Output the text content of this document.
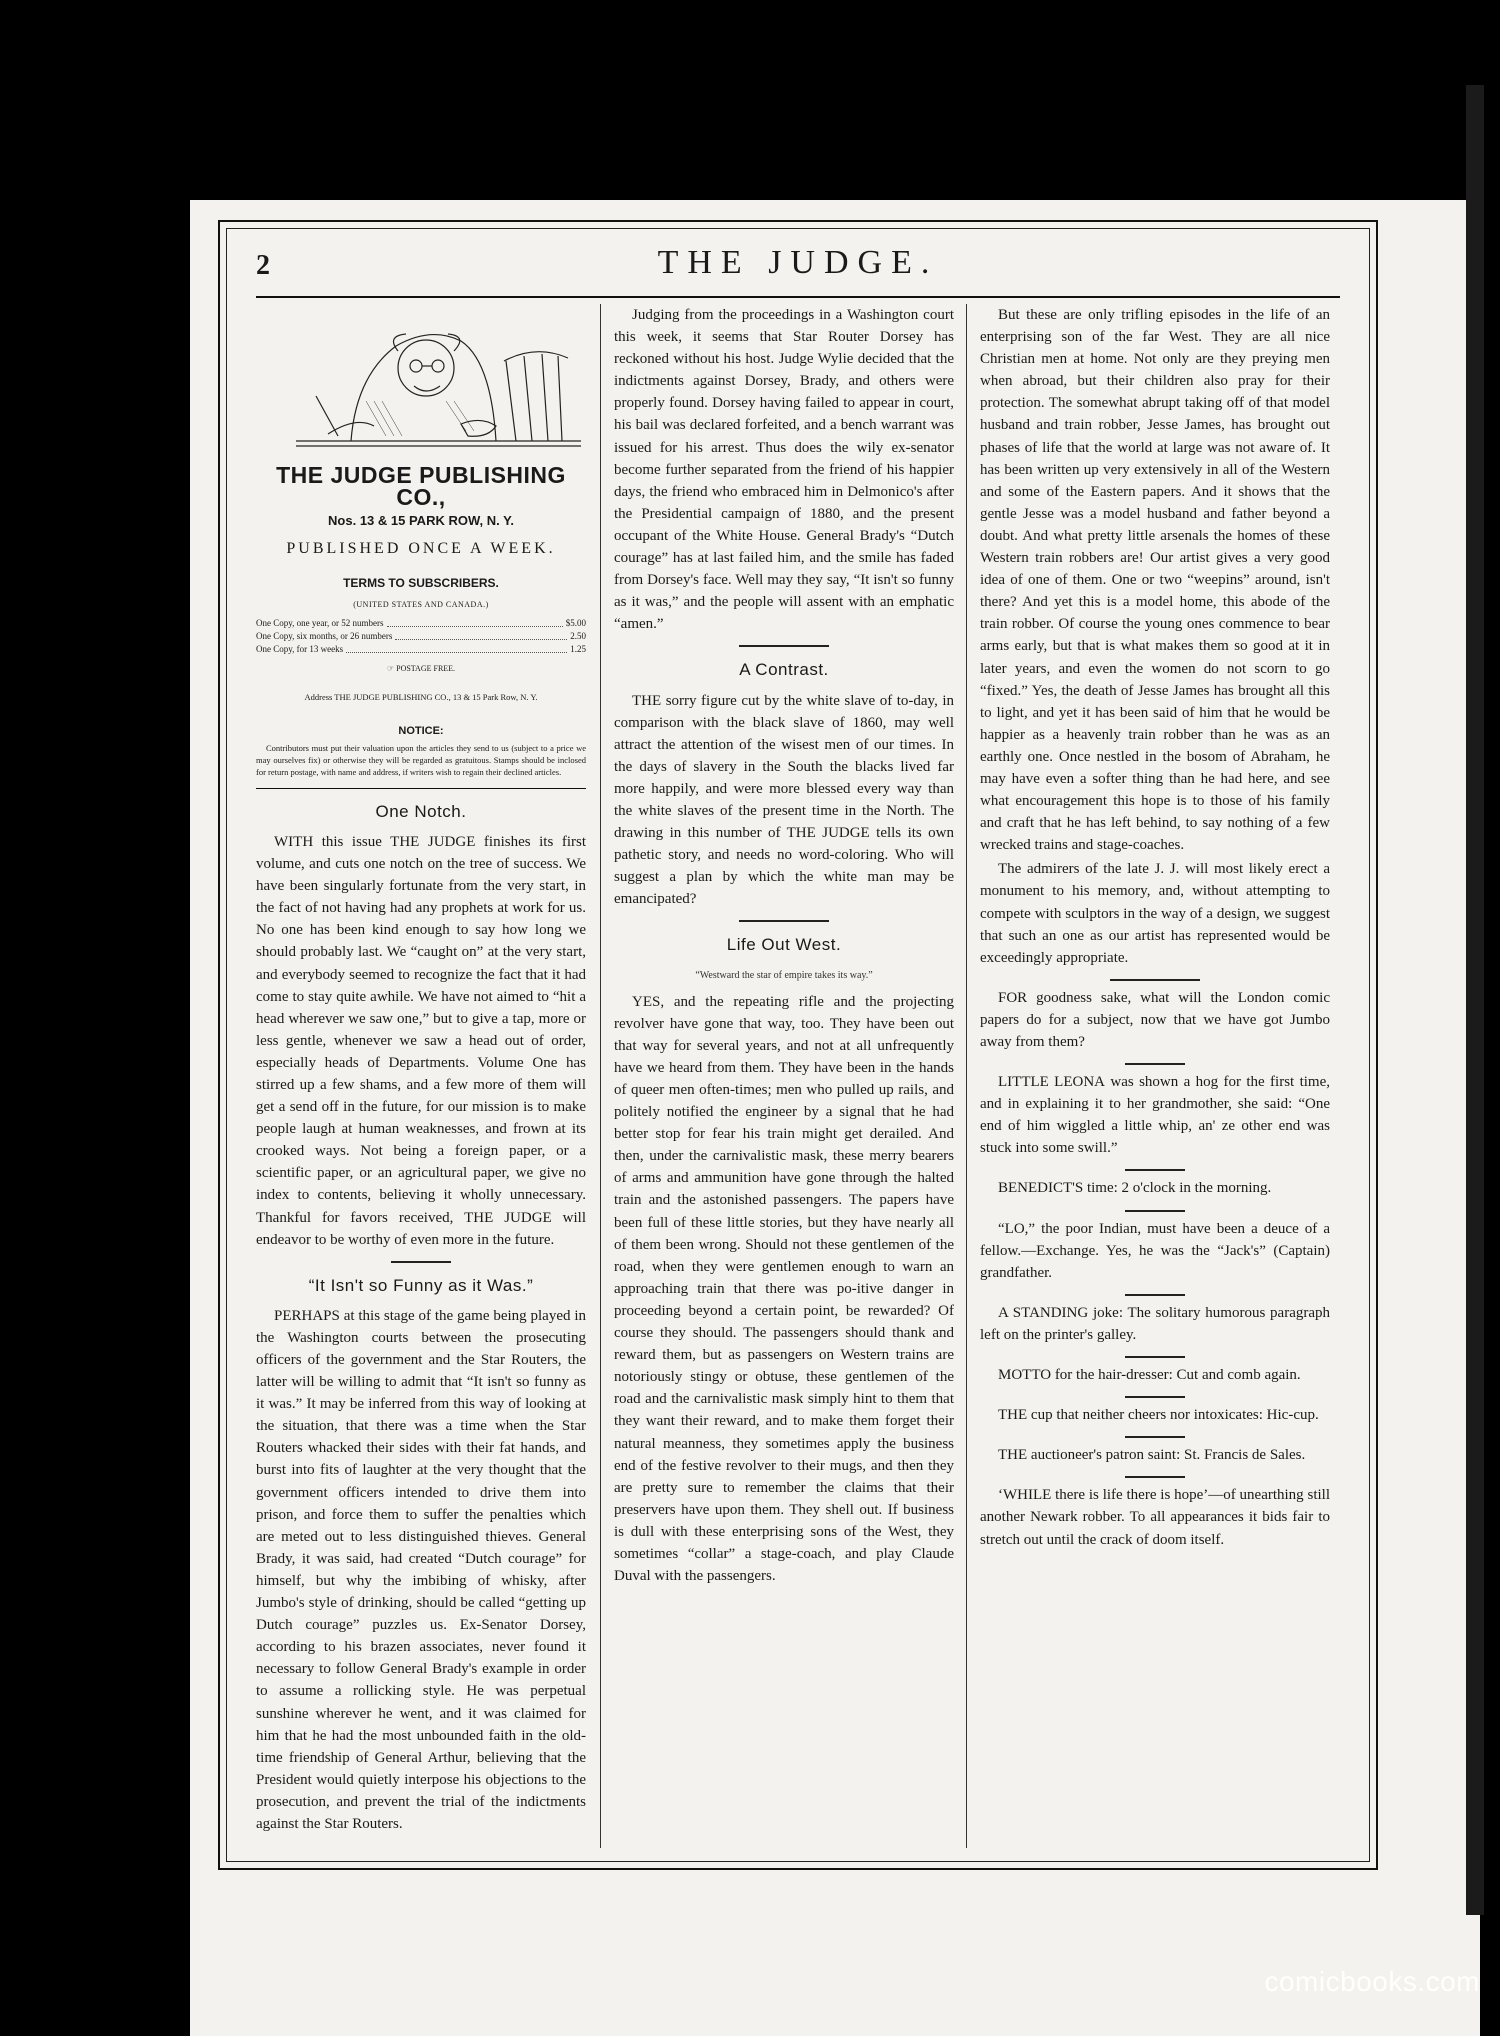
2	THE JUDGE.
THE JUDGE PUBLISHING CO.,
Nos. 13 & 15 PARK ROW, N. Y.
PUBLISHED ONCE A WEEK.
TERMS TO SUBSCRIBERS.
(UNITED STATES AND CANADA.)
One Copy, one year, or 52 numbers	$5.00
One Copy, six months, or 26 numbers	2.50
One Copy, for 13 weeks	1.25
☞ POSTAGE FREE.
Address THE JUDGE PUBLISHING CO., 13 & 15 Park Row, N. Y.
NOTICE:
Contributors must put their valuation upon the articles they send to us (subject to a price we may ourselves fix) or otherwise they will be regarded as gratuitous. Stamps should be inclosed for return postage, with name and address, if writers wish to regain their declined articles.
One Notch.

WITH this issue THE JUDGE finishes its first volume, and cuts one notch on the tree of success. We have been singularly fortunate from the very start, in the fact of not having had any prophets at work for us. No one has been kind enough to say how long we should probably last. We “caught on” at the very start, and everybody seemed to recognize the fact that it had come to stay quite awhile. We have not aimed to “hit a head wherever we saw one,” but to give a tap, more or less gentle, whenever we saw a head out of order, especially heads of Departments. Volume One has stirred up a few shams, and a few more of them will get a send off in the future, for our mission is to make people laugh at human weaknesses, and frown at its crooked ways. Not being a foreign paper, or a scientific paper, or an agricultural paper, we give no index to contents, believing it wholly unnecessary. Thankful for favors received, THE JUDGE will endeavor to be worthy of even more in the future.

“It Isn't so Funny as it Was.”

PERHAPS at this stage of the game being played in the Washington courts between the prosecuting officers of the government and the Star Routers, the latter will be willing to admit that “It isn't so funny as it was.” It may be inferred from this way of looking at the situation, that there was a time when the Star Routers whacked their sides with their fat hands, and burst into fits of laughter at the very thought that the government officers intended to drive them into prison, and force them to suffer the penalties which are meted out to less distinguished thieves. General Brady, it was said, had created “Dutch courage” for himself, but why the imbibing of whisky, after Jumbo's style of drinking, should be called “getting up Dutch courage” puzzles us. Ex-Senator Dorsey, according to his brazen associates, never found it necessary to follow General Brady's example in order to assume a rollicking style. He was perpetual sunshine wherever he went, and it was claimed for him that he had the most unbounded faith in the old-time friendship of General Arthur, believing that the President would quietly interpose his objections to the prosecution, and prevent the trial of the indictments against the Star Routers.

Judging from the proceedings in a Washington court this week, it seems that Star Router Dorsey has reckoned without his host. Judge Wylie decided that the indictments against Dorsey, Brady, and others were properly found. Dorsey having failed to appear in court, his bail was declared forfeited, and a bench warrant was issued for his arrest. Thus does the wily ex-senator become further separated from the friend of his happier days, the friend who embraced him in Delmonico's after the Presidential campaign of 1880, and the present occupant of the White House. General Brady's “Dutch courage” has at last failed him, and the smile has faded from Dorsey's face. Well may they say, “It isn't so funny as it was,” and the people will assent with an emphatic “amen.”

A Contrast.

THE sorry figure cut by the white slave of to-day, in comparison with the black slave of 1860, may well attract the attention of the wisest men of our times. In the days of slavery in the South the blacks lived far more happily, and were more blessed every way than the white slaves of the present time in the North. The drawing in this number of THE JUDGE tells its own pathetic story, and needs no word-coloring. Who will suggest a plan by which the white man may be emancipated?

Life Out West.
“Westward the star of empire takes its way.”

YES, and the repeating rifle and the projecting revolver have gone that way, too. They have been out that way for several years, and not at all unfrequently have we heard from them. They have been in the hands of queer men often-times; men who pulled up rails, and politely notified the engineer by a signal that he had better stop for fear his train might get derailed. And then, under the carnivalistic mask, these merry bearers of arms and ammunition have gone through the halted train and the astonished passengers. The papers have been full of these little stories, but they have nearly all of them been wrong. Should not these gentlemen of the road, when they were gentlemen enough to warn an approaching train that there was po-itive danger in proceeding beyond a certain point, be rewarded? Of course they should. The passengers should thank and reward them, but as passengers on Western trains are notoriously stingy or obtuse, these gentlemen of the road and the carnivalistic mask simply hint to them that they want their reward, and to make them forget their natural meanness, they sometimes apply the business end of the festive revolver to their mugs, and then they are pretty sure to remember the claims that their preservers have upon them. They shell out. If business is dull with these enterprising sons of the West, they sometimes “collar” a stage-coach, and play Claude Duval with the passengers.

But these are only trifling episodes in the life of an enterprising son of the far West. They are all nice Christian men at home. Not only are they preying men when abroad, but their children also pray for their protection. The somewhat abrupt taking off of that model husband and train robber, Jesse James, has brought out phases of life that the world at large was not aware of. It has been written up very extensively in all of the Western and some of the Eastern papers. And it shows that the gentle Jesse was a model husband and father beyond a doubt. And what pretty little arsenals the homes of these Western train robbers are! Our artist gives a very good idea of one of them. One or two “weepins” around, isn't there? And yet this is a model home, this abode of the train robber. Of course the young ones commence to bear arms early, but that is what makes them so good at it in later years, and even the women do not scorn to go “fixed.” Yes, the death of Jesse James has brought all this to light, and yet it has been said of him that he would be happier as a heavenly train robber than he was as an earthly one. Once nestled in the bosom of Abraham, he may have even a softer thing than he had here, and see what encouragement this hope is to those of his family and craft that he has left behind, to say nothing of a few wrecked trains and stage-coaches.

The admirers of the late J. J. will most likely erect a monument to his memory, and, without attempting to compete with sculptors in the way of a design, we suggest that such an one as our artist has represented would be exceedingly appropriate.

FOR goodness sake, what will the London comic papers do for a subject, now that we have got Jumbo away from them?

LITTLE LEONA was shown a hog for the first time, and in explaining it to her grandmother, she said: “One end of him wiggled a little whip, an' ze other end was stuck into some swill.”

BENEDICT'S time: 2 o'clock in the morning.

“LO,” the poor Indian, must have been a deuce of a fellow.—Exchange. Yes, he was the “Jack's” (Captain) grandfather.

A STANDING joke: The solitary humorous paragraph left on the printer's galley.

MOTTO for the hair-dresser: Cut and comb again.

THE cup that neither cheers nor intoxicates: Hic-cup.

THE auctioneer's patron saint: St. Francis de Sales.

‘WHILE there is life there is hope’—of unearthing still another Newark robber. To all appearances it bids fair to stretch out until the crack of doom itself.

comicbooks.com
